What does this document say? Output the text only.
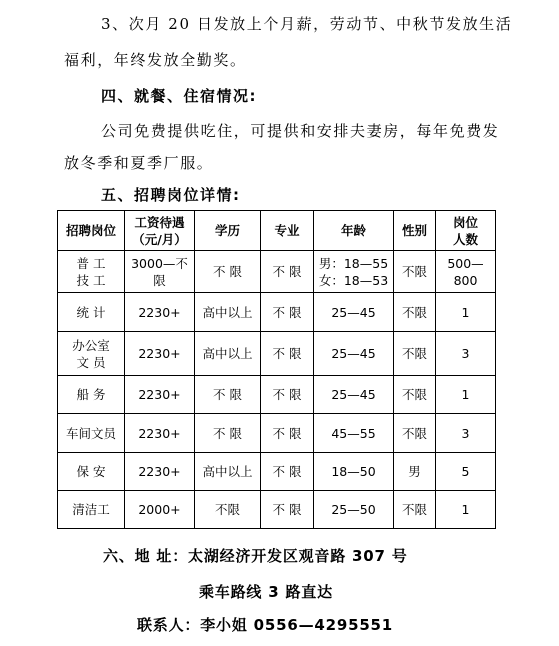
3、次月 20 日发放上个月薪，劳动节、中秋节发放生活
福利，年终发放全勤奖。
四、就餐、住宿情况:
公司免费提供吃住，可提供和安排夫妻房，每年免费发
放冬季和夏季厂服。
五、招聘岗位详情:
招聘岗位	工资待遇
（元/月）	学历	专业	年龄	性别	岗位
人数

普 工
技 工	3000—不限	不 限	不 限	男：18—55
女：18—53	不限	500—800

统 计	2230+	高中以上	不 限	25—45	不限	1

办公室
文 员	2230+	高中以上	不 限	25—45	不限	3

船 务	2230+	不 限	不 限	25—45	不限	1

车间文员	2230+	不 限	不 限	45—55	不限	3

保 安	2230+	高中以上	不 限	18—50	男	5

清洁工	2000+	不限	不 限	25—50	不限	1
六、地 址：太湖经济开发区观音路 307 号
乘车路线 3 路直达
联系人：李小姐 0556—4295551
